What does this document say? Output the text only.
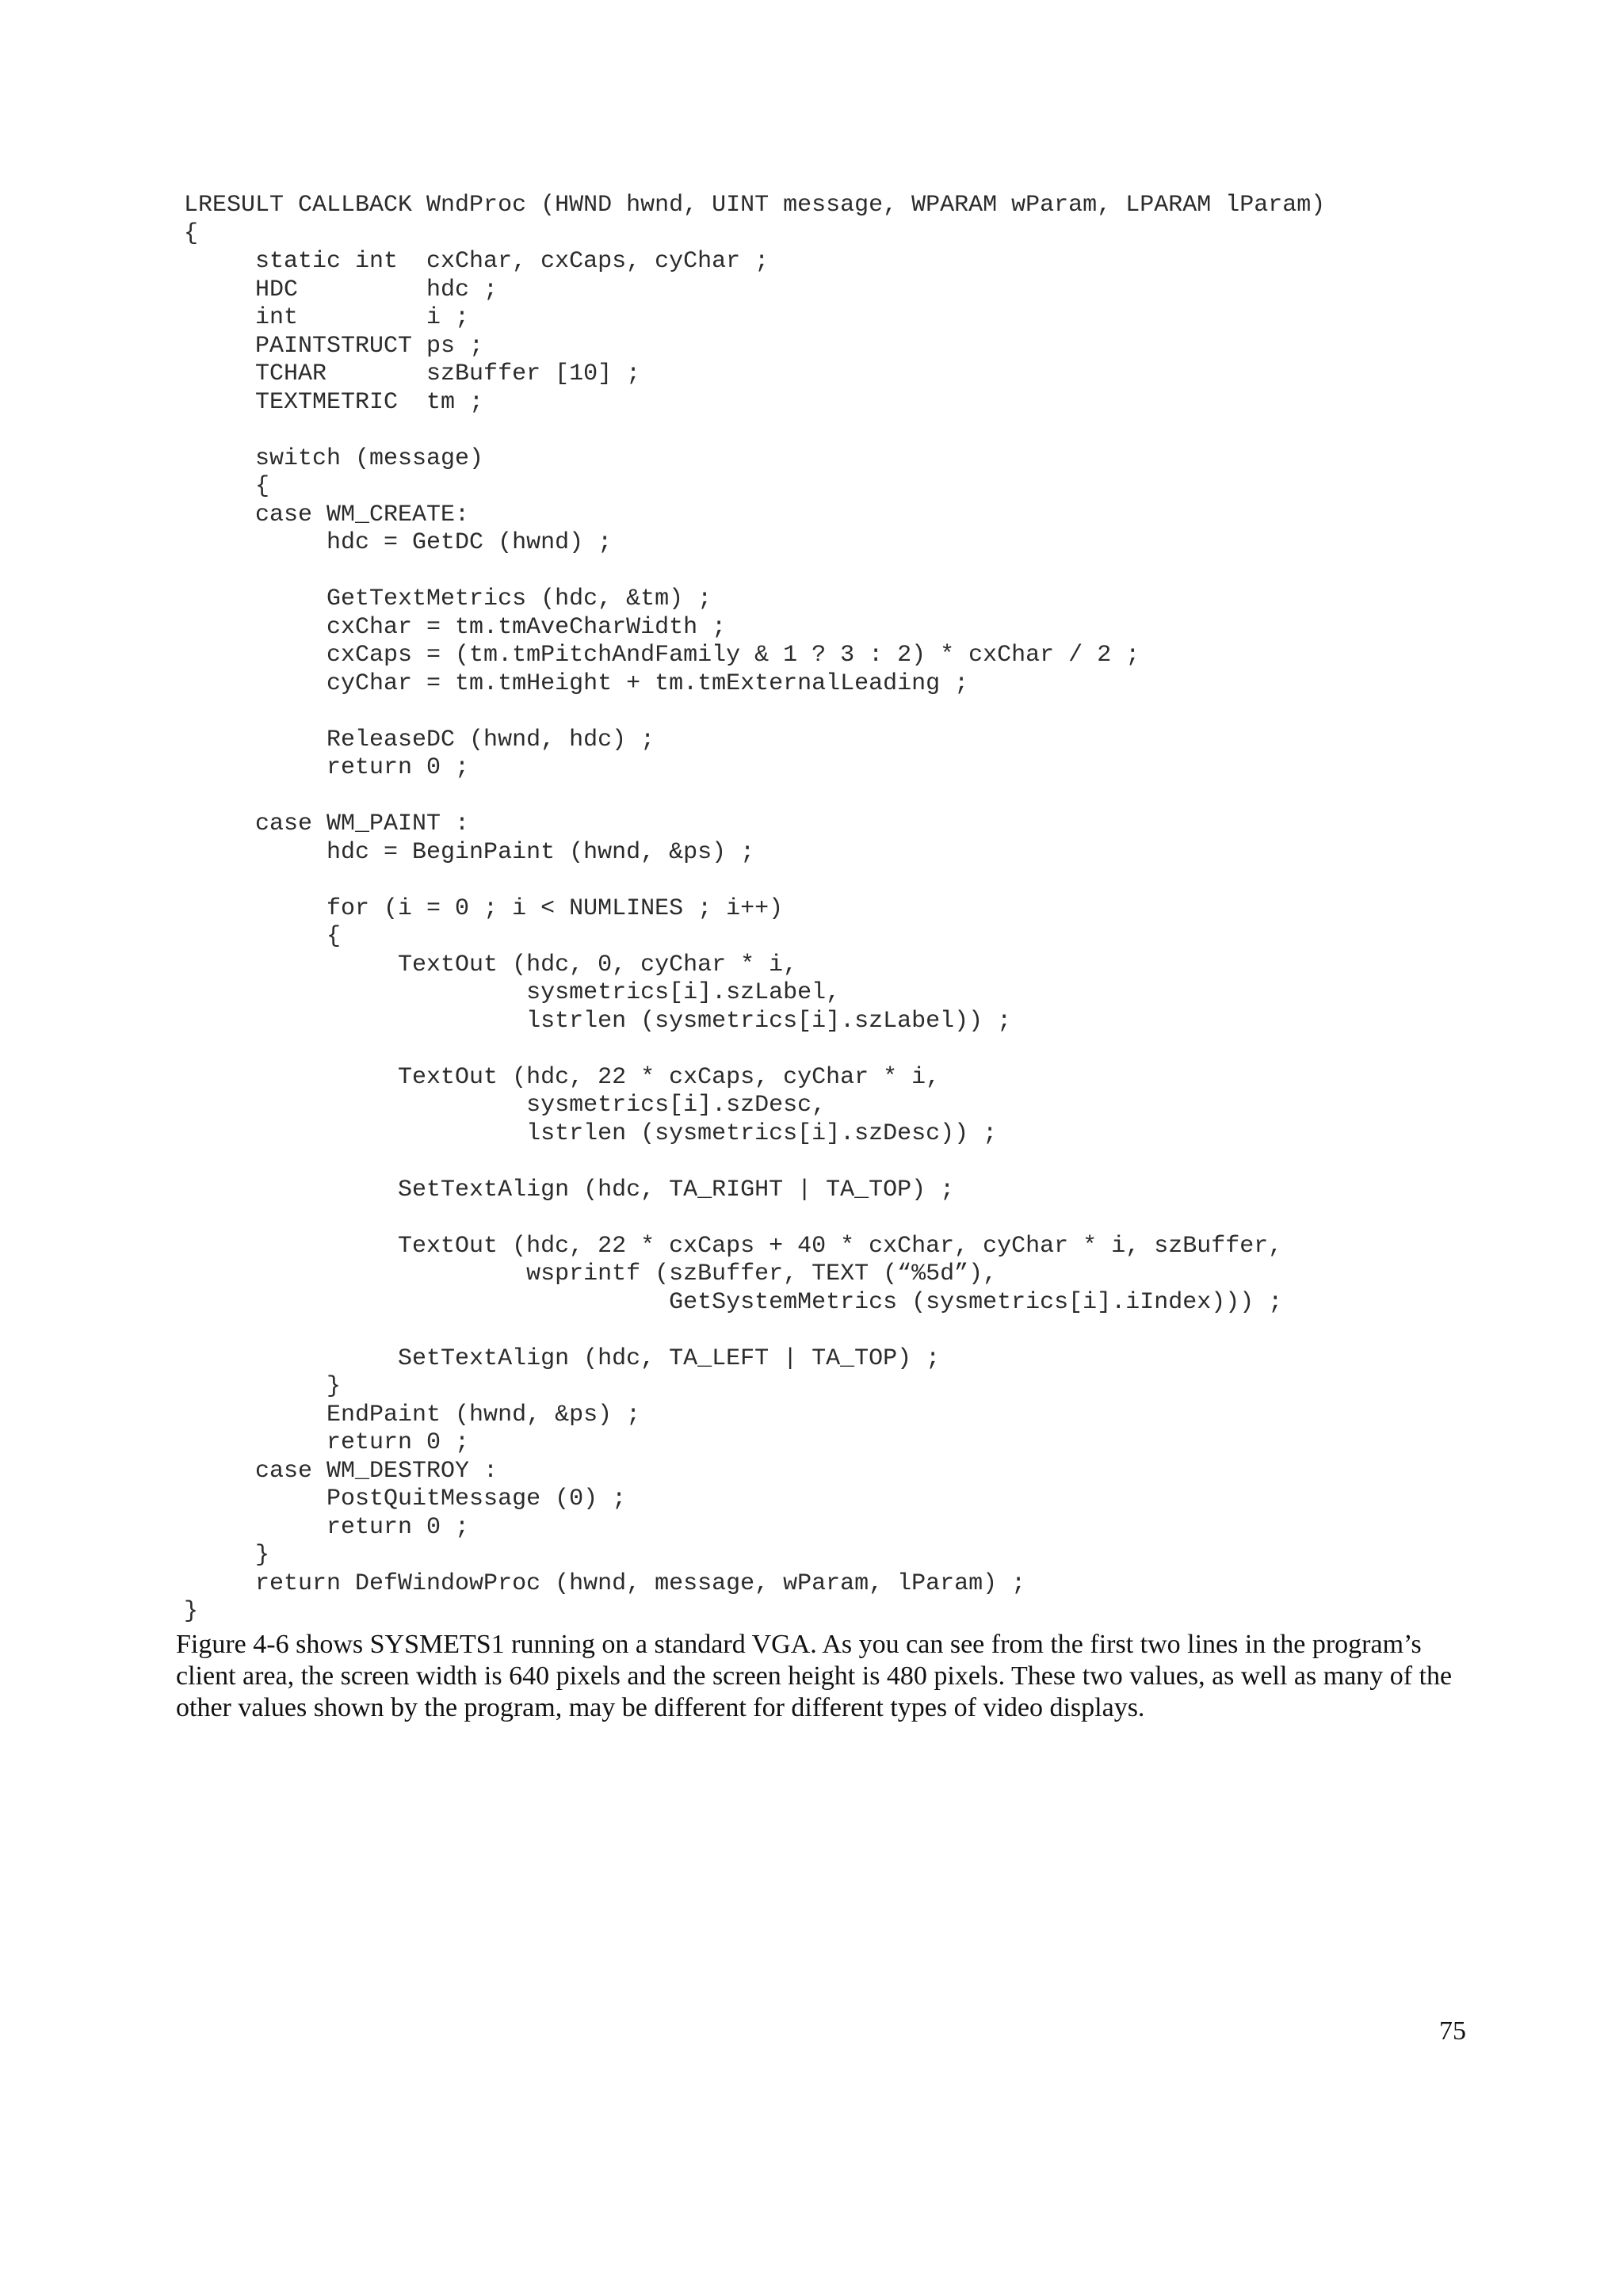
LRESULT CALLBACK WndProc (HWND hwnd, UINT message, WPARAM wParam, LPARAM lParam)
{
static int  cxChar, cxCaps, cyChar ;
HDC         hdc ;
int         i ;
PAINTSTRUCT ps ;
TCHAR       szBuffer [10] ;
TEXTMETRIC  tm ;

switch (message)
{
case WM_CREATE:
hdc = GetDC (hwnd) ;

GetTextMetrics (hdc, &tm) ;
cxChar = tm.tmAveCharWidth ;
cxCaps = (tm.tmPitchAndFamily & 1 ? 3 : 2) * cxChar / 2 ;
cyChar = tm.tmHeight + tm.tmExternalLeading ;

ReleaseDC (hwnd, hdc) ;
return 0 ;

case WM_PAINT :
hdc = BeginPaint (hwnd, &ps) ;

for (i = 0 ; i < NUMLINES ; i++)
{
TextOut (hdc, 0, cyChar * i,
sysmetrics[i].szLabel,
lstrlen (sysmetrics[i].szLabel)) ;

TextOut (hdc, 22 * cxCaps, cyChar * i,
sysmetrics[i].szDesc,
lstrlen (sysmetrics[i].szDesc)) ;

SetTextAlign (hdc, TA_RIGHT | TA_TOP) ;

TextOut (hdc, 22 * cxCaps + 40 * cxChar, cyChar * i, szBuffer,
wsprintf (szBuffer, TEXT (“%5d”),
GetSystemMetrics (sysmetrics[i].iIndex))) ;

SetTextAlign (hdc, TA_LEFT | TA_TOP) ;
}
EndPaint (hwnd, &ps) ;
return 0 ;
case WM_DESTROY :
PostQuitMessage (0) ;
return 0 ;
}
return DefWindowProc (hwnd, message, wParam, lParam) ;
}

Figure 4-6 shows SYSMETS1 running on a standard VGA. As you can see from the first two lines in the program’s client area, the screen width is 640 pixels and the screen height is 480 pixels. These two values, as well as many of the other values shown by the program, may be different for different types of video displays.

75
